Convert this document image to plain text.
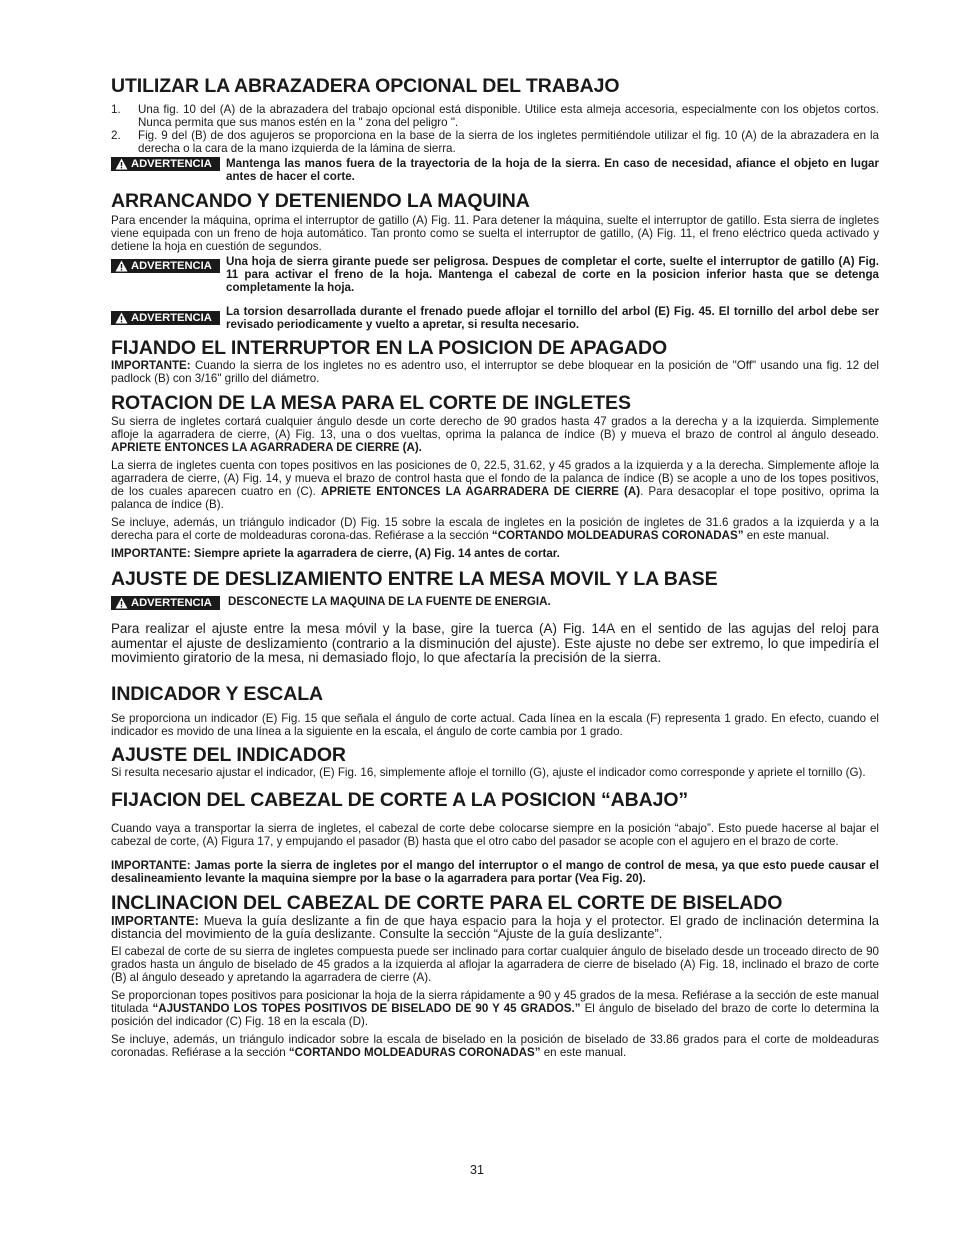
UTILIZAR LA ABRAZADERA OPCIONAL DEL TRABAJO
1. Una fig. 10 del (A) de la abrazadera del trabajo opcional está disponible. Utilice esta almeja accesoria, especialmente con los objetos cortos. Nunca permita que sus manos estén en la " zona del peligro ".
2. Fig. 9 del (B) de dos agujeros se proporciona en la base de la sierra de los ingletes permitiéndole utilizar el fig. 10 (A) de la abrazadera en la derecha o la cara de la mano izquierda de la lámina de sierra.
ADVERTENCIA Mantenga las manos fuera de la trayectoria de la hoja de la sierra. En caso de necesidad, afiance el objeto en lugar antes de hacer el corte.
ARRANCANDO Y DETENIENDO LA MAQUINA

Para encender la máquina, oprima el interruptor de gatillo (A) Fig. 11. Para detener la máquina, suelte el interruptor de gatillo. Esta sierra de ingletes viene equipada con un freno de hoja automático. Tan pronto como se suelta el interruptor de gatillo, (A) Fig. 11, el freno eléctrico queda activado y detiene la hoja en cuestión de segundos.

ADVERTENCIA Una hoja de sierra girante puede ser peligrosa. Despues de completar el corte, suelte el interruptor de gatillo (A) Fig. 11 para activar el freno de la hoja. Mantenga el cabezal de corte en la posicion inferior hasta que se detenga completamente la hoja.
ADVERTENCIA La torsion desarrollada durante el frenado puede aflojar el tornillo del arbol (E) Fig. 45. El tornillo del arbol debe ser revisado periodicamente y vuelto a apretar, si resulta necesario.
FIJANDO EL INTERRUPTOR EN LA POSICION DE APAGADO

IMPORTANTE: Cuando la sierra de los ingletes no es adentro uso, el interruptor se debe bloquear en la posición de "Off" usando una fig. 12 del padlock (B) con 3/16" grillo del diámetro.

ROTACION DE LA MESA PARA EL CORTE DE INGLETES

Su sierra de ingletes cortará cualquier ángulo desde un corte derecho de 90 grados hasta 47 grados a la derecha y a la izquierda. Simplemente afloje la agarradera de cierre, (A) Fig. 13, una o dos vueltas, oprima la palanca de índice (B) y mueva el brazo de control al ángulo deseado. APRIETE ENTONCES LA AGARRADERA DE CIERRE (A).

La sierra de ingletes cuenta con topes positivos en las posiciones de 0, 22.5, 31.62, y 45 grados a la izquierda y a la derecha. Simplemente afloje la agarradera de cierre, (A) Fig. 14, y mueva el brazo de control hasta que el fondo de la palanca de índice (B) se acople a uno de los topes positivos, de los cuales aparecen cuatro en (C). APRIETE ENTONCES LA AGARRADERA DE CIERRE (A). Para desacoplar el tope positivo, oprima la palanca de índice (B).

Se incluye, además, un triángulo indicador (D) Fig. 15 sobre la escala de ingletes en la posición de ingletes de 31.6 grados a la izquierda y a la derecha para el corte de moldeaduras corona-das. Refiérase a la sección “CORTANDO MOLDEADURAS CORONADAS” en este manual.

IMPORTANTE: Siempre apriete la agarradera de cierre, (A) Fig. 14 antes de cortar.

AJUSTE DE DESLIZAMIENTO ENTRE LA MESA MOVIL Y LA BASE
ADVERTENCIA DESCONECTE LA MAQUINA DE LA FUENTE DE ENERGIA.

Para realizar el ajuste entre la mesa móvil y la base, gire la tuerca (A) Fig. 14A en el sentido de las agujas del reloj para aumentar el ajuste de deslizamiento (contrario a la disminución del ajuste). Este ajuste no debe ser extremo, lo que impediría el movimiento giratorio de la mesa, ni demasiado flojo, lo que afectaría la precisión de la sierra.

INDICADOR Y ESCALA

Se proporciona un indicador (E) Fig. 15 que señala el ángulo de corte actual. Cada línea en la escala (F) representa 1 grado. En efecto, cuando el indicador es movido de una línea a la siguiente en la escala, el ángulo de corte cambia por 1 grado.

AJUSTE DEL INDICADOR

Si resulta necesario ajustar el indicador, (E) Fig. 16, simplemente afloje el tornillo (G), ajuste el indicador como corresponde y apriete el tornillo (G).

FIJACION DEL CABEZAL DE CORTE A LA POSICION “ABAJO”

Cuando vaya a transportar la sierra de ingletes, el cabezal de corte debe colocarse siempre en la posición “abajo”. Esto puede hacerse al bajar el cabezal de corte, (A) Figura 17, y empujando el pasador (B) hasta que el otro cabo del pasador se acople con el agujero en el brazo de corte.

IMPORTANTE: Jamas porte la sierra de ingletes por el mango del interruptor o el mango de control de mesa, ya que esto puede causar el desalineamiento levante la maquina siempre por la base o la agarradera para portar (Vea Fig. 20).

INCLINACION DEL CABEZAL DE CORTE PARA EL CORTE DE BISELADO

IMPORTANTE: Mueva la guía deslizante a fin de que haya espacio para la hoja y el protector. El grado de inclinación determina la distancia del movimiento de la guía deslizante. Consulte la sección “Ajuste de la guía deslizante”.

El cabezal de corte de su sierra de ingletes compuesta puede ser inclinado para cortar cualquier ángulo de biselado desde un troceado directo de 90 grados hasta un ángulo de biselado de 45 grados a la izquierda al aflojar la agarradera de cierre de biselado (A) Fig. 18, inclinado el brazo de corte (B) al ángulo deseado y apretando la agarradera de cierre (A).

Se proporcionan topes positivos para posicionar la hoja de la sierra rápidamente a 90 y 45 grados de la mesa. Refiérase a la sección de este manual titulada “AJUSTANDO LOS TOPES POSITIVOS DE BISELADO DE 90 Y 45 GRADOS.” El ángulo de biselado del brazo de corte lo determina la posición del indicador (C) Fig. 18 en la escala (D).

Se incluye, además, un triángulo indicador sobre la escala de biselado en la posición de biselado de 33.86 grados para el corte de moldeaduras coronadas. Refiérase a la sección “CORTANDO MOLDEADURAS CORONADAS” en este manual.

31
